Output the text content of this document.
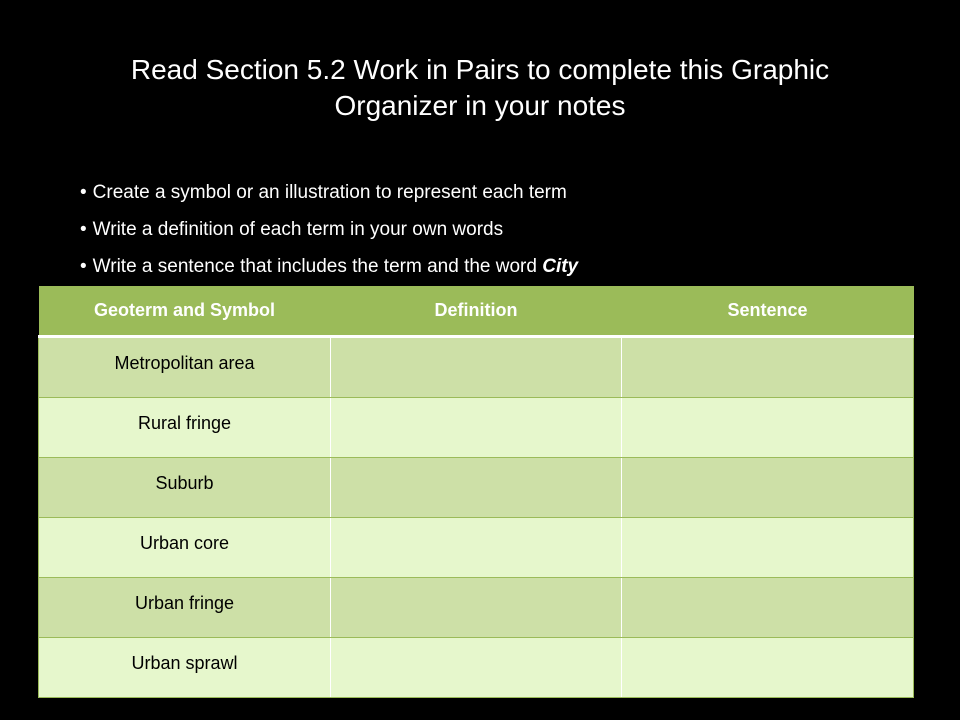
Read Section 5.2 Work in Pairs to complete this Graphic
Organizer in your notes
• Create a symbol or an illustration to represent each term
• Write a definition of each term in your own words
• Write a sentence that includes the term and the word City
Geoterm and Symbol	Definition	Sentence
Metropolitan area		
Rural fringe		
Suburb		
Urban core		
Urban fringe		
Urban sprawl		
